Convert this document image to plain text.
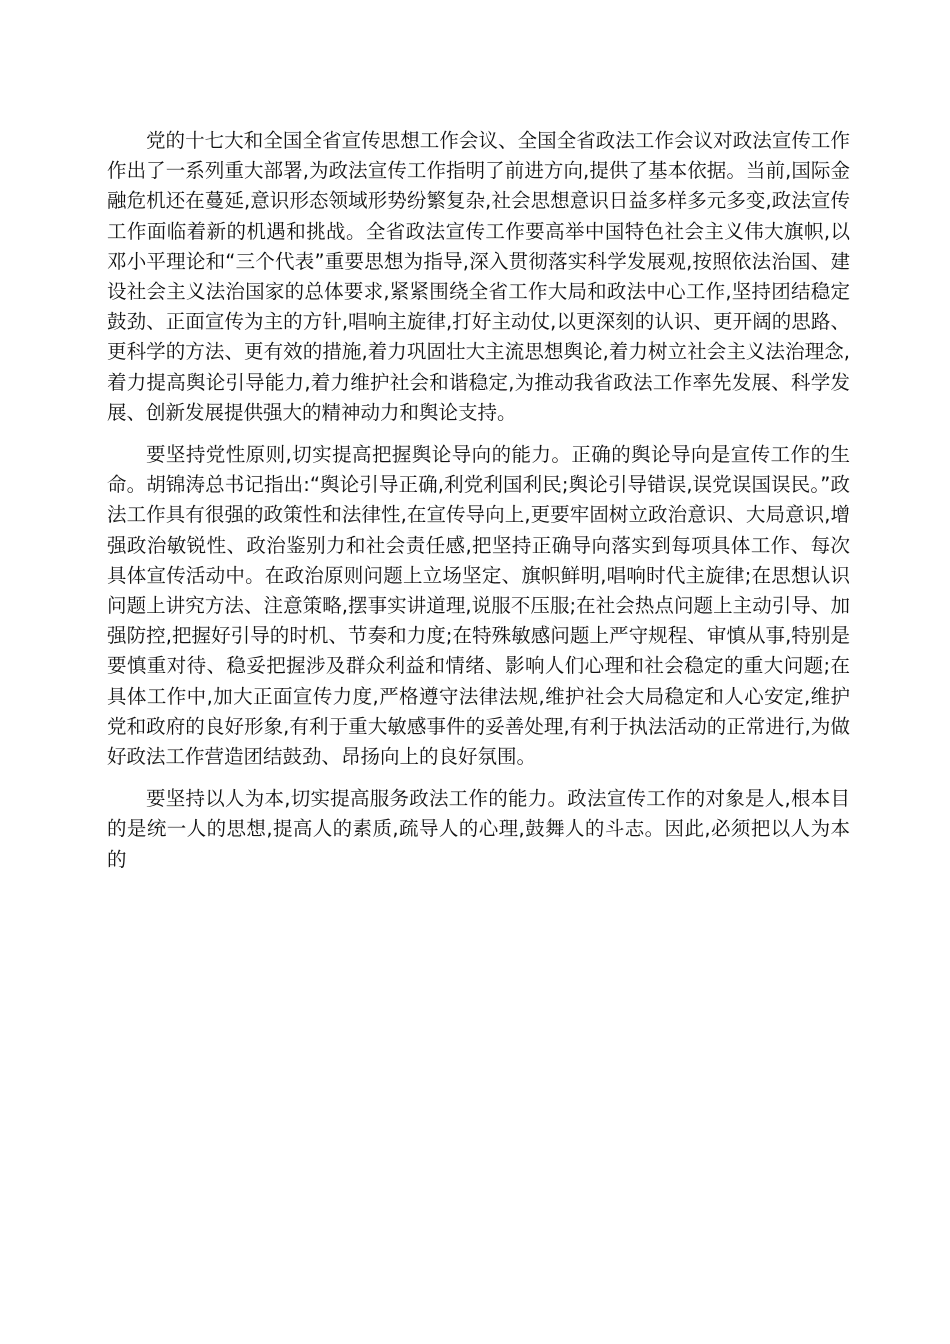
党的十七大和全国全省宣传思想工作会议、全国全省政法工作会议对政法宣传工作作出了一系列重大部署,为政法宣传工作指明了前进方向,提供了基本依据。当前,国际金融危机还在蔓延,意识形态领域形势纷繁复杂,社会思想意识日益多样多元多变,政法宣传工作面临着新的机遇和挑战。全省政法宣传工作要高举中国特色社会主义伟大旗帜,以邓小平理论和“三个代表”重要思想为指导,深入贯彻落实科学发展观,按照依法治国、建设社会主义法治国家的总体要求,紧紧围绕全省工作大局和政法中心工作,坚持团结稳定鼓劲、正面宣传为主的方针,唱响主旋律,打好主动仗,以更深刻的认识、更开阔的思路、更科学的方法、更有效的措施,着力巩固壮大主流思想舆论,着力树立社会主义法治理念,着力提高舆论引导能力,着力维护社会和谐稳定,为推动我省政法工作率先发展、科学发展、创新发展提供强大的精神动力和舆论支持。

要坚持党性原则,切实提高把握舆论导向的能力。正确的舆论导向是宣传工作的生命。胡锦涛总书记指出:“舆论引导正确,利党利国利民;舆论引导错误,误党误国误民。”政法工作具有很强的政策性和法律性,在宣传导向上,更要牢固树立政治意识、大局意识,增强政治敏锐性、政治鉴别力和社会责任感,把坚持正确导向落实到每项具体工作、每次具体宣传活动中。在政治原则问题上立场坚定、旗帜鲜明,唱响时代主旋律;在思想认识问题上讲究方法、注意策略,摆事实讲道理,说服不压服;在社会热点问题上主动引导、加强防控,把握好引导的时机、节奏和力度;在特殊敏感问题上严守规程、审慎从事,特别是要慎重对待、稳妥把握涉及群众利益和情绪、影响人们心理和社会稳定的重大问题;在具体工作中,加大正面宣传力度,严格遵守法律法规,维护社会大局稳定和人心安定,维护党和政府的良好形象,有利于重大敏感事件的妥善处理,有利于执法活动的正常进行,为做好政法工作营造团结鼓劲、昂扬向上的良好氛围。

要坚持以人为本,切实提高服务政法工作的能力。政法宣传工作的对象是人,根本目的是统一人的思想,提高人的素质,疏导人的心理,鼓舞人的斗志。因此,必须把以人为本的
